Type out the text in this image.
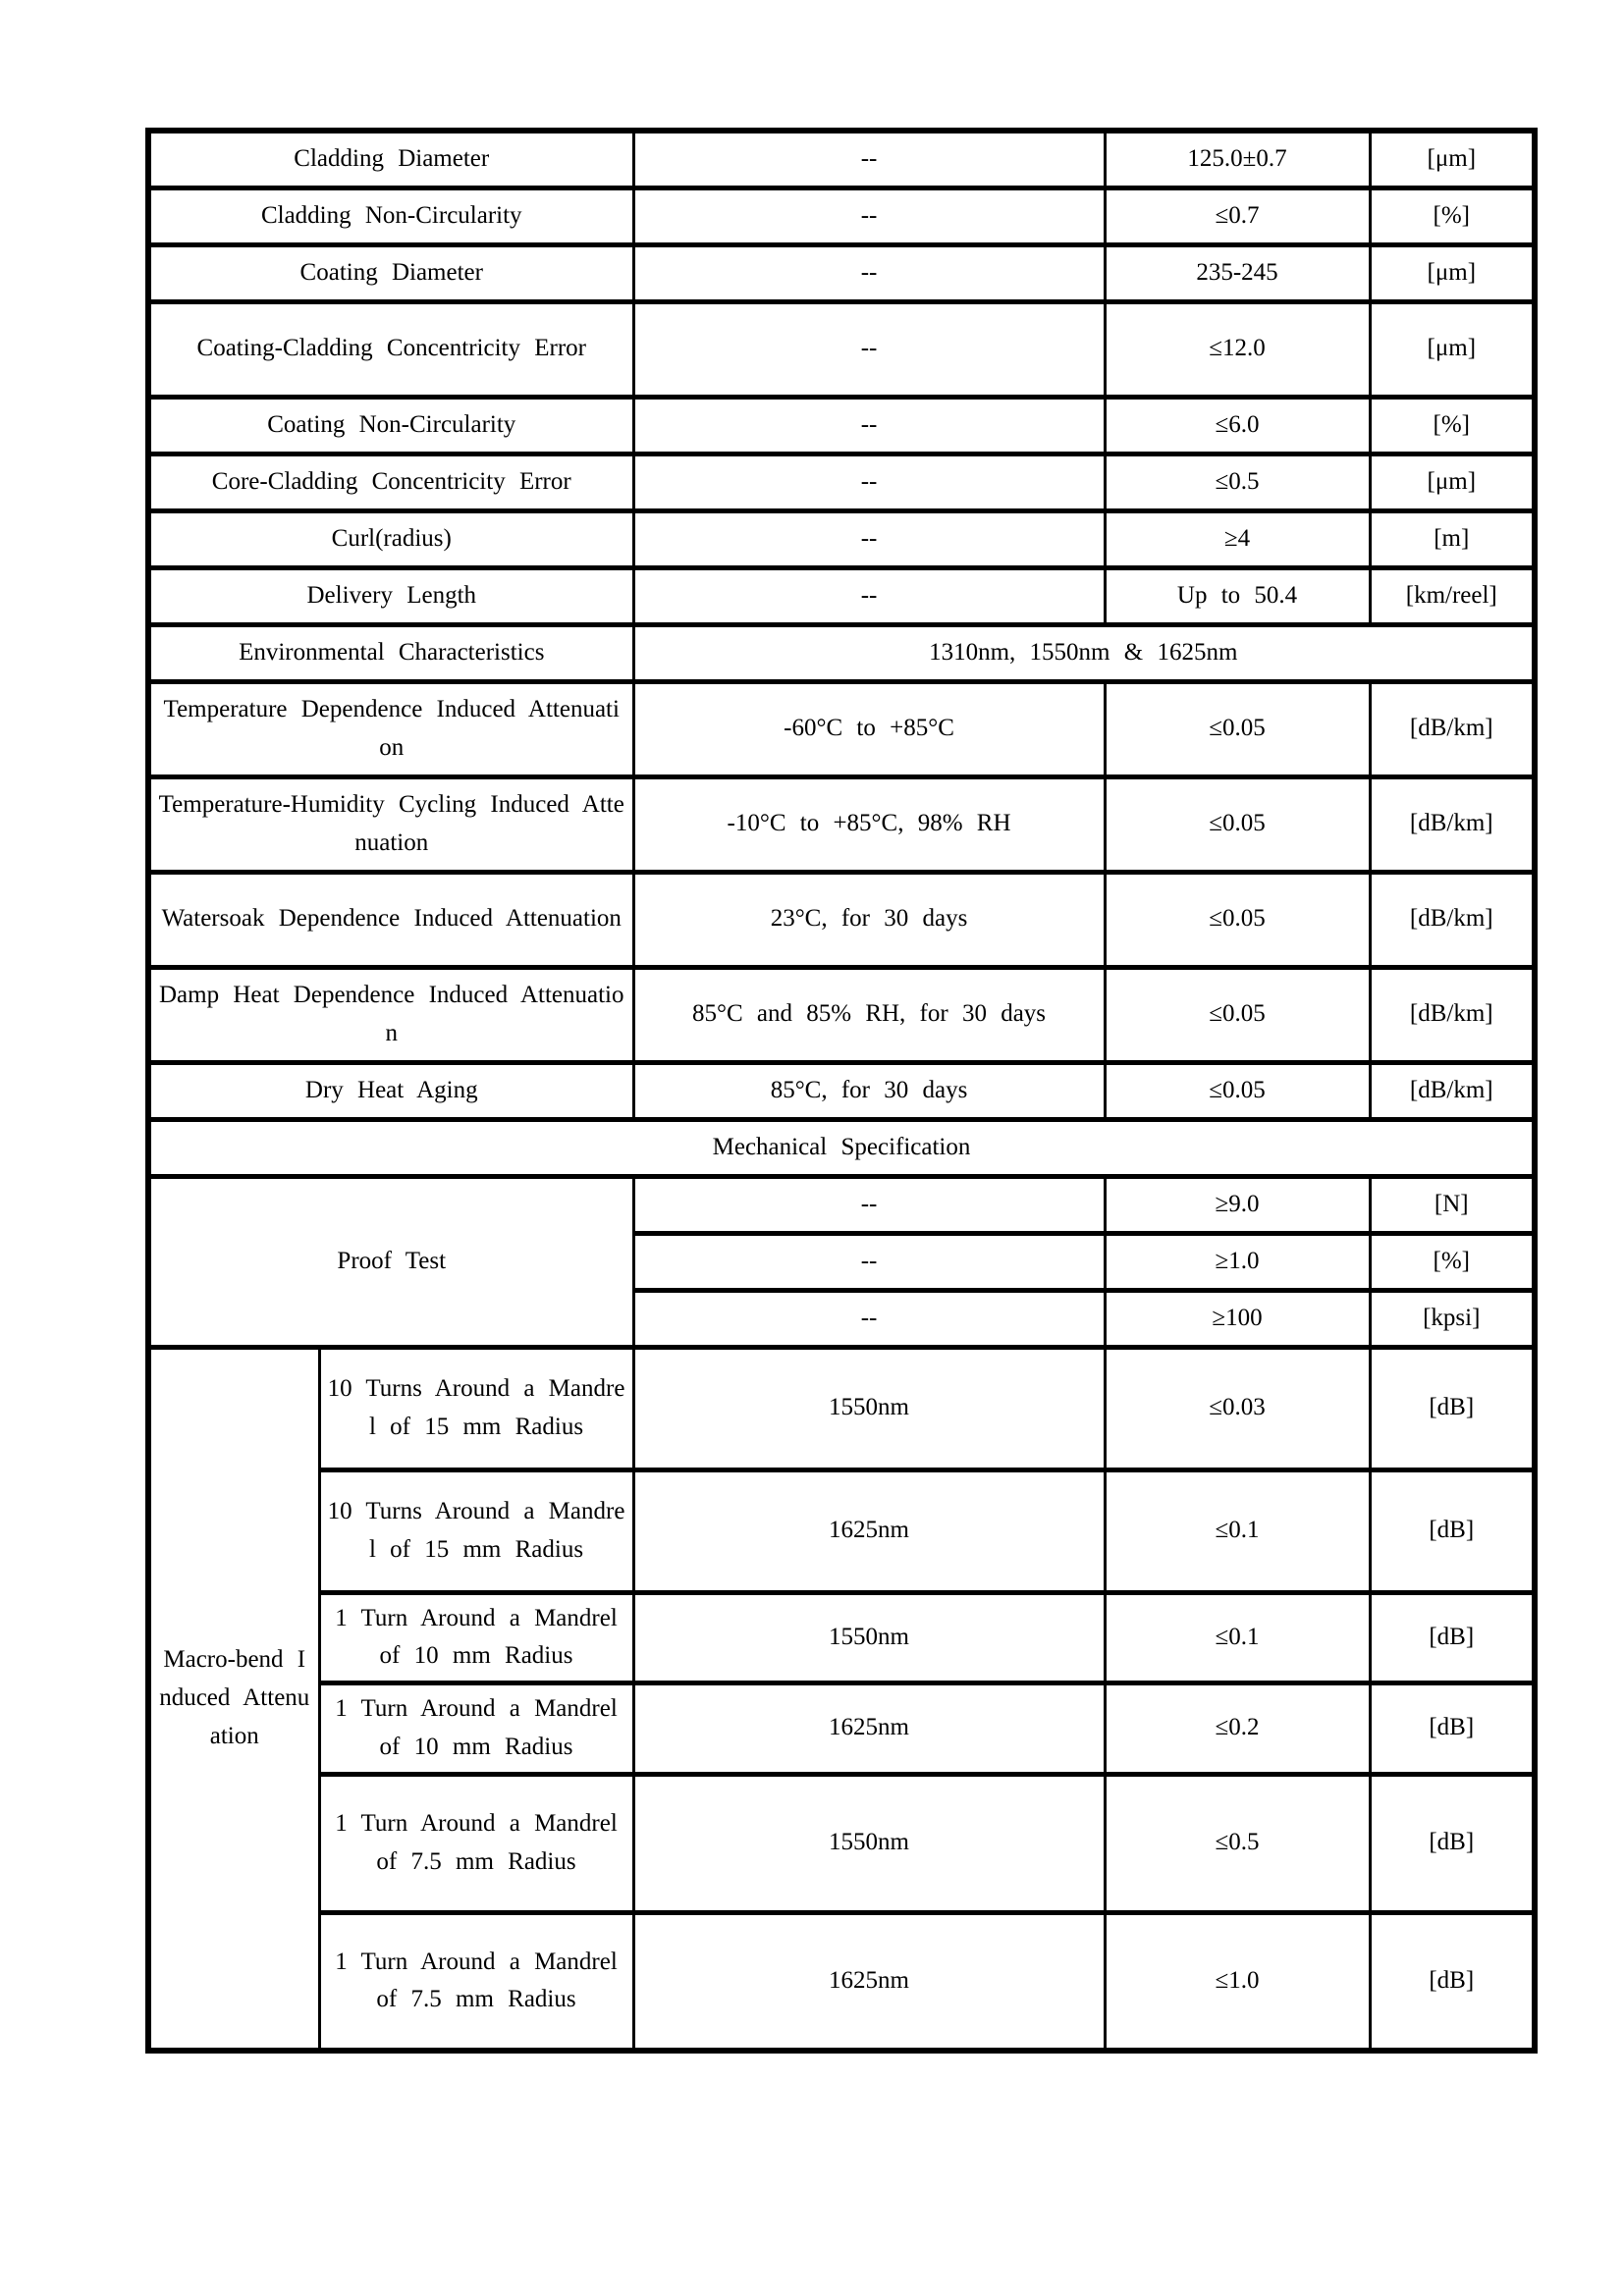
Cladding Diameter		--	125.0±0.7	[μm]
Cladding Non-Circularity		--	≤0.7	[%]
Coating Diameter		--	235-245	[μm]
Coating-Cladding Concentricity Error		--	≤12.0	[μm]
Coating Non-Circularity		--	≤6.0	[%]
Core-Cladding Concentricity Error		--	≤0.5	[μm]
Curl(radius)		--	≥4	[m]
Delivery Length		--	Up to 50.4	[km/reel]
Environmental Characteristics		1310nm, 1550nm & 1625nm		
Temperature Dependence Induced Attenuation		-60°C to +85°C	≤0.05	[dB/km]
Temperature-Humidity Cycling Induced Attenuation		-10°C to +85°C, 98% RH	≤0.05	[dB/km]
Watersoak Dependence Induced Attenuation		23°C, for 30 days	≤0.05	[dB/km]
Damp Heat Dependence Induced Attenuation		85°C and 85% RH, for 30 days	≤0.05	[dB/km]
Dry Heat Aging		85°C, for 30 days	≤0.05	[dB/km]
Mechanical Specification				
Proof Test		--	≥9.0	[N]
		--	≥1.0	[%]
		--	≥100	[kpsi]
Macro-bend Induced Attenuation	10 Turns Around a Mandrel of 15 mm Radius	1550nm	≤0.03	[dB]
	10 Turns Around a Mandrel of 15 mm Radius	1625nm	≤0.1	[dB]
	1 Turn Around a Mandrel of 10 mm Radius	1550nm	≤0.1	[dB]
	1 Turn Around a Mandrel of 10 mm Radius	1625nm	≤0.2	[dB]
	1 Turn Around a Mandrel of 7.5 mm Radius	1550nm	≤0.5	[dB]
	1 Turn Around a Mandrel of 7.5 mm Radius	1625nm	≤1.0	[dB]
